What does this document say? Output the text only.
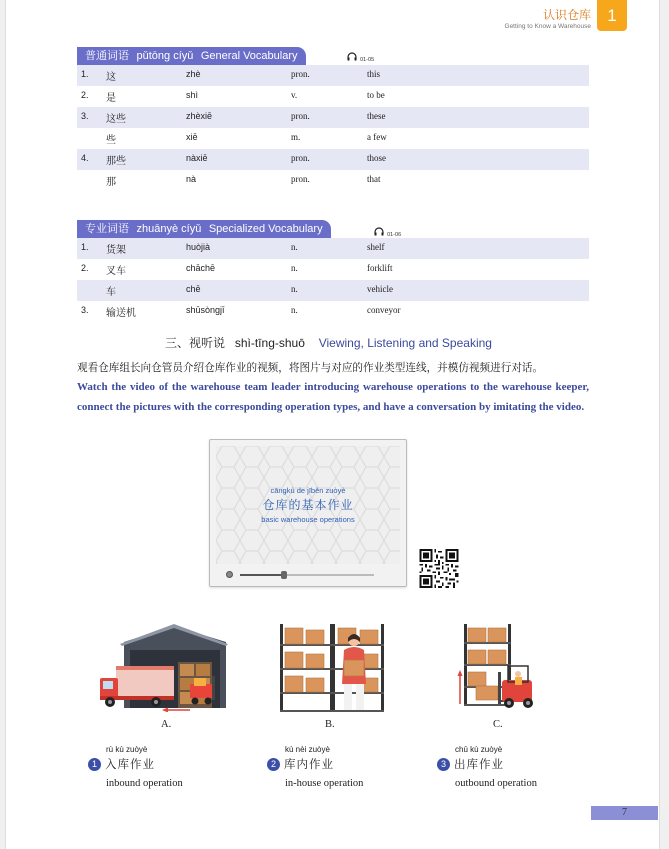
认识仓库
Getting to Know a Warehouse
1
普通词语 pǔtōng cíyǔ General Vocabulary	01-05
1. 这	zhè	pron.	this
2. 是	shì	v.	to be
3. 这些	zhèxiē	pron.	these
些	xiē	m.	a few
4. 那些	nàxiē	pron.	those
那	nà	pron.	that
专业词语 zhuānyè cíyǔ Specialized Vocabulary	01-06
1. 货架	huòjià	n.	shelf
2. 叉车	chāchē	n.	forklift
车	chē	n.	vehicle
3. 输送机	shūsòngjī	n.	conveyor
三、视听说 shì-tīng-shuō Viewing, Listening and Speaking
观看仓库组长向仓管员介绍仓库作业的视频，将图片与对应的作业类型连线，并模仿视频进行对话。
Watch the video of the warehouse team leader introducing warehouse operations to the warehouse keeper, connect the pictures with the corresponding operation types, and have a conversation by imitating the video.
cāngkù de jīběn zuòyè
仓库的基本作业
basic warehouse operations
A.	B.	C.
rù kù zuòyè
1 入库作业
inbound operation
kù nèi zuòyè
2 库内作业
in-house operation
chū kù zuòyè
3 出库作业
outbound operation
7
